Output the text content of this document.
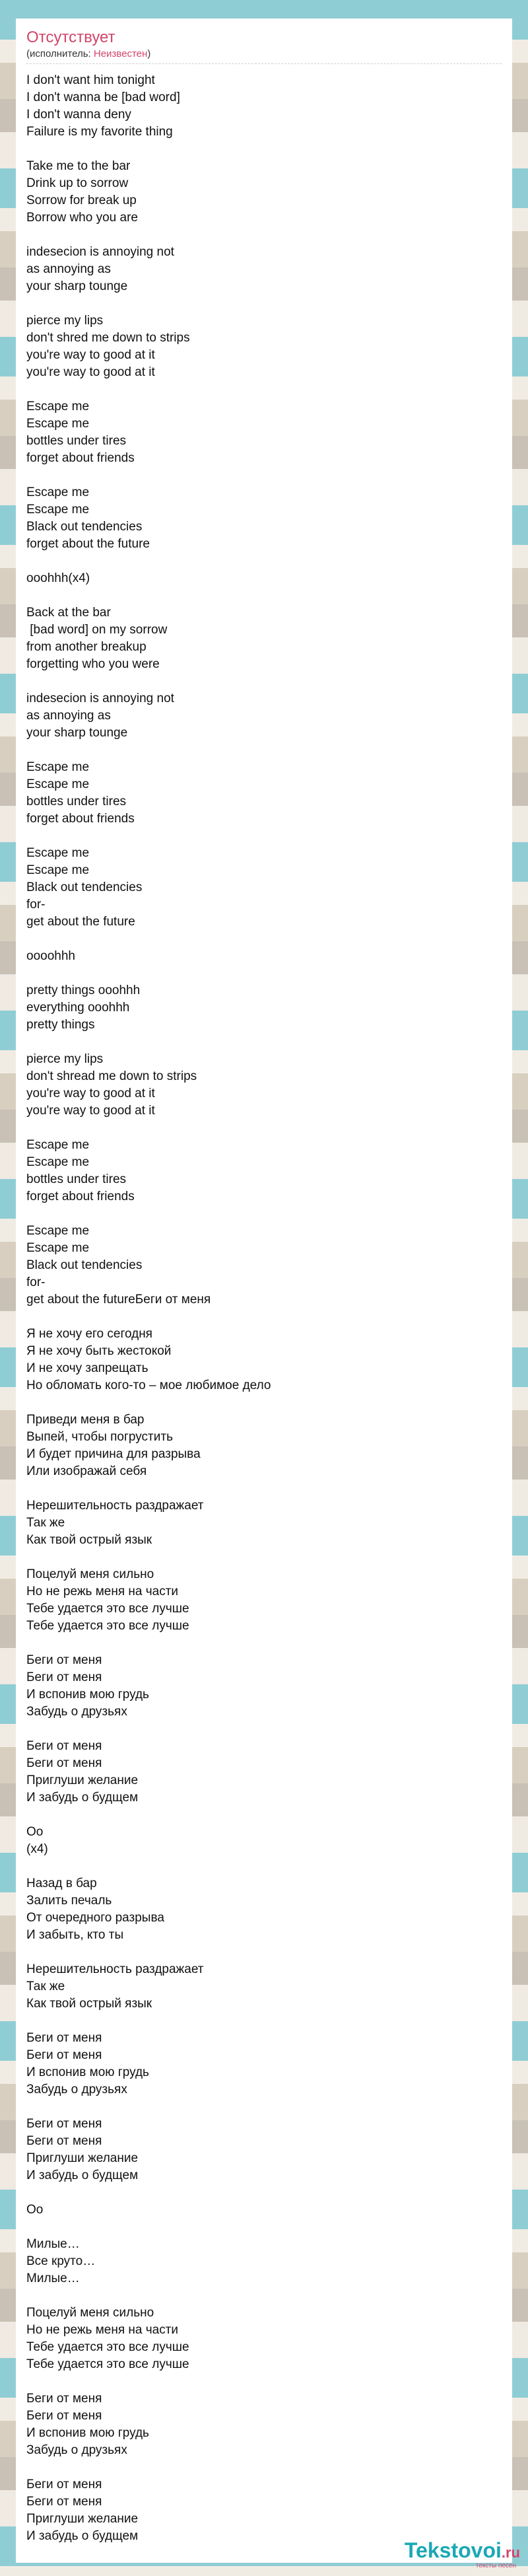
Отсутствует
(исполнитель: Неизвестен)
I don't want him tonight
I don't wanna be [bad word]
I don't wanna deny
Failure is my favorite thing
Take me to the bar
Drink up to sorrow
Sorrow for break up
Borrow who you are
indesecion is annoying not
as annoying as
your sharp tounge
pierce my lips
don't shred me down to strips
you're way to good at it
you're way to good at it
Escape me
Escape me
bottles under tires
forget about friends
Escape me
Escape me
Black out tendencies
forget about the future
ooohhh(x4)
Back at the bar
[bad word] on my sorrow
from another breakup
forgetting who you were
indesecion is annoying not
as annoying as
your sharp tounge
Escape me
Escape me
bottles under tires
forget about friends
Escape me
Escape me
Black out tendencies
for-
get about the future
oooohhh
pretty things ooohhh
everything ooohhh
pretty things
pierce my lips
don't shread me down to strips
you're way to good at it
you're way to good at it
Escape me
Escape me
bottles under tires
forget about friends
Escape me
Escape me
Black out tendencies
for-
get about the futureБеги от меня
Я не хочу его сегодня
Я не хочу быть жестокой
И не хочу запрещать
Но обломать кого-то – мое любимое дело
Приведи меня в бар
Выпей, чтобы погрустить
И будет причина для разрыва
Или изображай себя
Нерешительность раздражает
Так же
Как твой острый язык
Поцелуй меня сильно
Но не режь меня на части
Тебе удается это все лучше
Тебе удается это все лучше
Беги от меня
Беги от меня
И вспонив мою грудь
Забудь о друзьях
Беги от меня
Беги от меня
Приглуши желание
И забудь о будщем
Оо
(х4)
Назад в бар
Залить печаль
От очередного разрыва
И забыть, кто ты
Нерешительность раздражает
Так же
Как твой острый язык
Беги от меня
Беги от меня
И вспонив мою грудь
Забудь о друзьях
Беги от меня
Беги от меня
Приглуши желание
И забудь о будщем
Оо
Милые…
Все круто…
Милые…
Поцелуй меня сильно
Но не режь меня на части
Тебе удается это все лучше
Тебе удается это все лучше
Беги от меня
Беги от меня
И вспонив мою грудь
Забудь о друзьях
Беги от меня
Беги от меня
Приглуши желание
И забудь о будщем
Tekstovoi.ru
тексты песен
